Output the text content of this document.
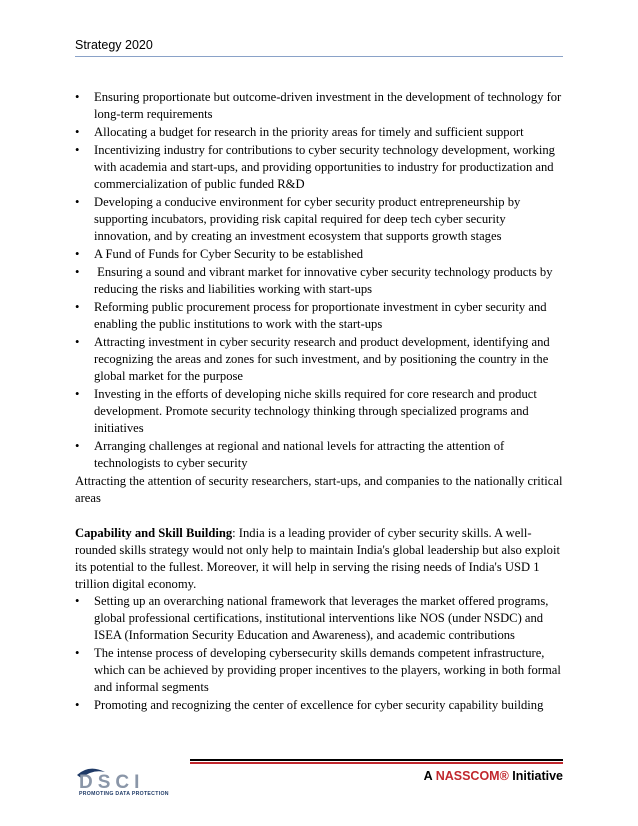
Strategy 2020
•	Ensuring proportionate but outcome-driven investment in the development of technology for long-term requirements
•	Allocating a budget for research in the priority areas for timely and sufficient support
•	Incentivizing industry for contributions to cyber security technology development, working with academia and start-ups, and providing opportunities to industry for productization and commercialization of public funded R&D
•	Developing a conducive environment for cyber security product entrepreneurship by supporting incubators, providing risk capital required for deep tech cyber security innovation, and by creating an investment ecosystem that supports growth stages
•	A Fund of Funds for Cyber Security to be established
•	Ensuring a sound and vibrant market for innovative cyber security technology products by reducing the risks and liabilities working with start-ups
•	Reforming public procurement process for proportionate investment in cyber security and enabling the public institutions to work with the start-ups
•	Attracting investment in cyber security research and product development, identifying and recognizing the areas and zones for such investment, and by positioning the country in the global market for the purpose
•	Investing in the efforts of developing niche skills required for core research and product development. Promote security technology thinking through specialized programs and initiatives
•	Arranging challenges at regional and national levels for attracting the attention of technologists to cyber security

Attracting the attention of security researchers, start-ups, and companies to the nationally critical areas

Capability and Skill Building: India is a leading provider of cyber security skills. A well-rounded skills strategy would not only help to maintain India's global leadership but also exploit its potential to the fullest. Moreover, it will help in serving the rising needs of India's USD 1 trillion digital economy.

•	Setting up an overarching national framework that leverages the market offered programs, global professional certifications, institutional interventions like NOS (under NSDC) and ISEA (Information Security Education and Awareness), and academic contributions
•	The intense process of developing cybersecurity skills demands competent infrastructure, which can be achieved by providing proper incentives to the players, working in both formal and informal segments
•	Promoting and recognizing the center of excellence for cyber security capability building
DSCI
PROMOTING DATA PROTECTION
A NASSCOM® Initiative
